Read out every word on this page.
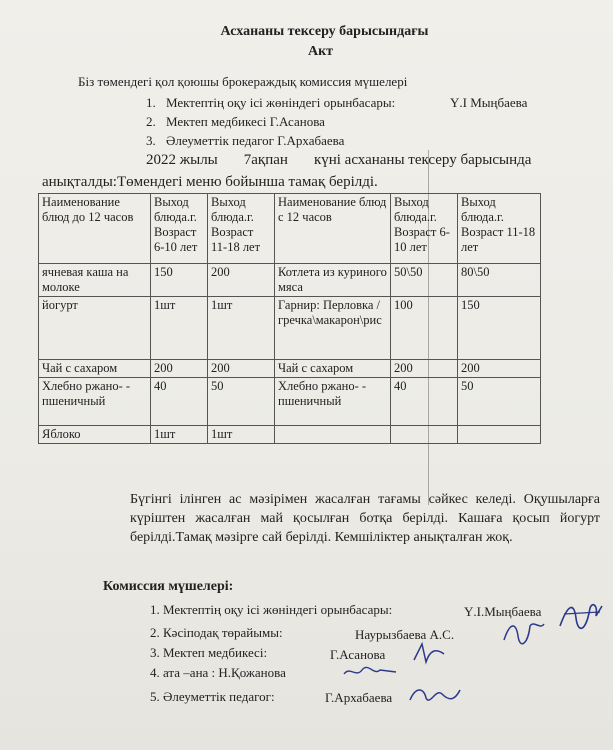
Асхананы тексеру барысындағы
Акт
Біз төмендегі қол қоюшы брокераждық комиссия мүшелері
1. Мектептің оқу ісі жөніндегі орынбасары:	Ү.І Мыңбаева
2. Мектеп медбикесі Г.Асанова
3. Әлеуметтік педагог Г.Архабаева
2022 жылы 7ақпан күні асхананы тексеру барысында
анықталды:Төмендегі меню бойынша тамақ берілді.
Наименование блюд до 12 часов	Выход блюда.г. Возраст 6-10 лет	Выход блюда.г. Возраст 11-18 лет	Наименование блюд с 12 часов	Выход блюда.г. Возраст 6-10 лет	Выход блюда.г. Возраст 11-18 лет
ячневая каша на молоке	150	200	Котлета из куриного мяса	50\50	80\50
йогурт	1шт	1шт	Гарнир: Перловка /гречка\макарон\рис	100	150
Чай с сахаром	200	200	Чай с сахаром	200	200
Хлебно ржано- - пшеничный	40	50	Хлебно ржано- - пшеничный	40	50
Яблоко	1шт	1шт			
Бүгінгі ілінген ас мәзірімен жасалған тағамы сәйкес келеді. Оқушыларға күріштен жасалған май қосылған ботқа берілді. Кашаға қосып йогурт берілді.Тамақ мәзірге сай берілді. Кемшіліктер анықталған жоқ.
Комиссия мүшелері:
1. Мектептің оқу ісі жөніндегі орынбасары:	Ү.І.Мыңбаева
2. Кәсіподақ төрайымы:	Наурызбаева А.С.
3. Мектеп медбикесі:	Г.Асанова
4. ата –ана : Н.Қожанова
5. Әлеуметтік педагог:	Г.Архабаева
